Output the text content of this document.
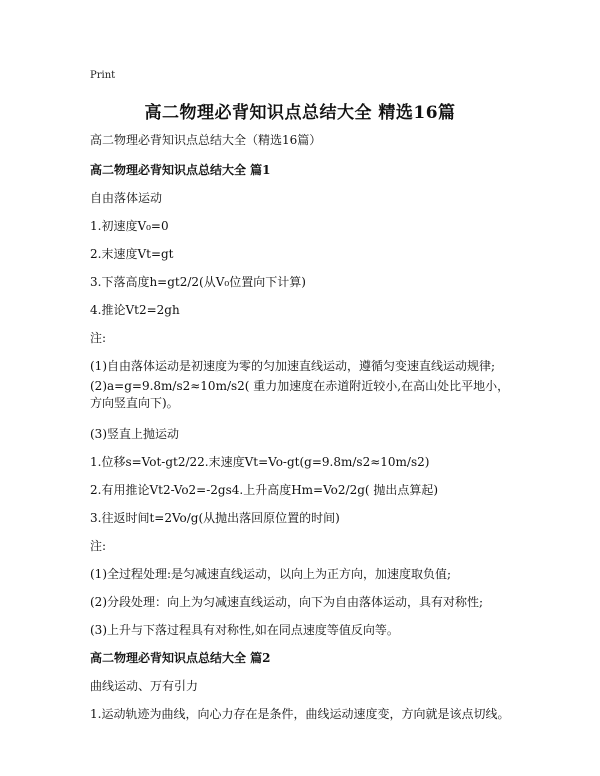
Print
高二物理必背知识点总结大全 精选16篇
高二物理必背知识点总结大全（精选16篇）
高二物理必背知识点总结大全 篇1
自由落体运动
1.初速度V₀=0
2.末速度Vt=gt
3.下落高度h=gt2/2(从V₀位置向下计算)
4.推论Vt2=2gh
注:
(1)自由落体运动是初速度为零的匀加速直线运动，遵循匀变速直线运动规律;
(2)a=g=9.8m/s2≈10m/s2( 重力加速度在赤道附近较小,在高山处比平地小，方向竖直向下)。
(3)竖直上抛运动
1.位移s=Vot-gt2/22.末速度Vt=Vo-gt(g=9.8m/s2≈10m/s2)
2.有用推论Vt2-Vo2=-2gs4.上升高度Hm=Vo2/2g( 抛出点算起)
3.往返时间t=2Vo/g(从抛出落回原位置的时间)
注:
(1)全过程处理:是匀减速直线运动，以向上为正方向，加速度取负值;
(2)分段处理：向上为匀减速直线运动，向下为自由落体运动，具有对称性;
(3)上升与下落过程具有对称性,如在同点速度等值反向等。
高二物理必背知识点总结大全 篇2
曲线运动、万有引力
1.运动轨迹为曲线，向心力存在是条件，曲线运动速度变，方向就是该点切线。
